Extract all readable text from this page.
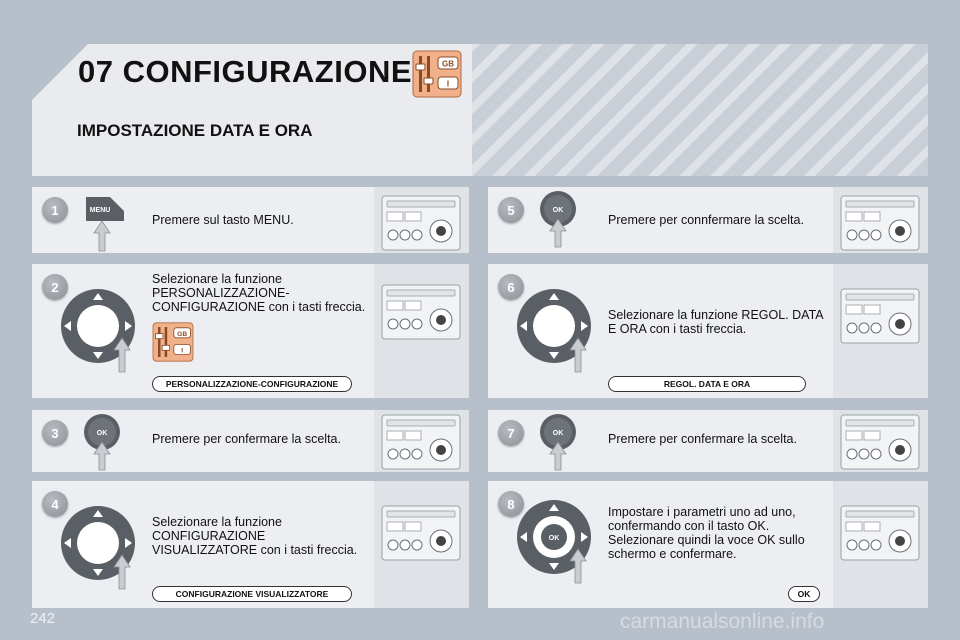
07 CONFIGURAZIONE
IMPOSTAZIONE DATA E ORA
GB
I
1	MENU
Premere sul tasto MENU.
2
GB
I
Selezionare la funzione PERSONALIZZAZIONE-CONFIGURAZIONE con i tasti freccia.
PERSONALIZZAZIONE-CONFIGURAZIONE
3	OK	Premere per confermare la scelta.
4
Selezionare la funzione CONFIGURAZIONE VISUALIZZATORE con i tasti freccia.
CONFIGURAZIONE VISUALIZZATORE
5	OK
Premere per connfermare la scelta.
6
Selezionare la funzione REGOL. DATA E ORA con i tasti freccia.
REGOL. DATA E ORA
7	OK	Premere per confermare la scelta.
8
OK
Impostare i parametri uno ad uno, confermando con il tasto OK. Selezionare quindi la voce OK sullo schermo e confermare.
OK
242	carmanualsonline.info
